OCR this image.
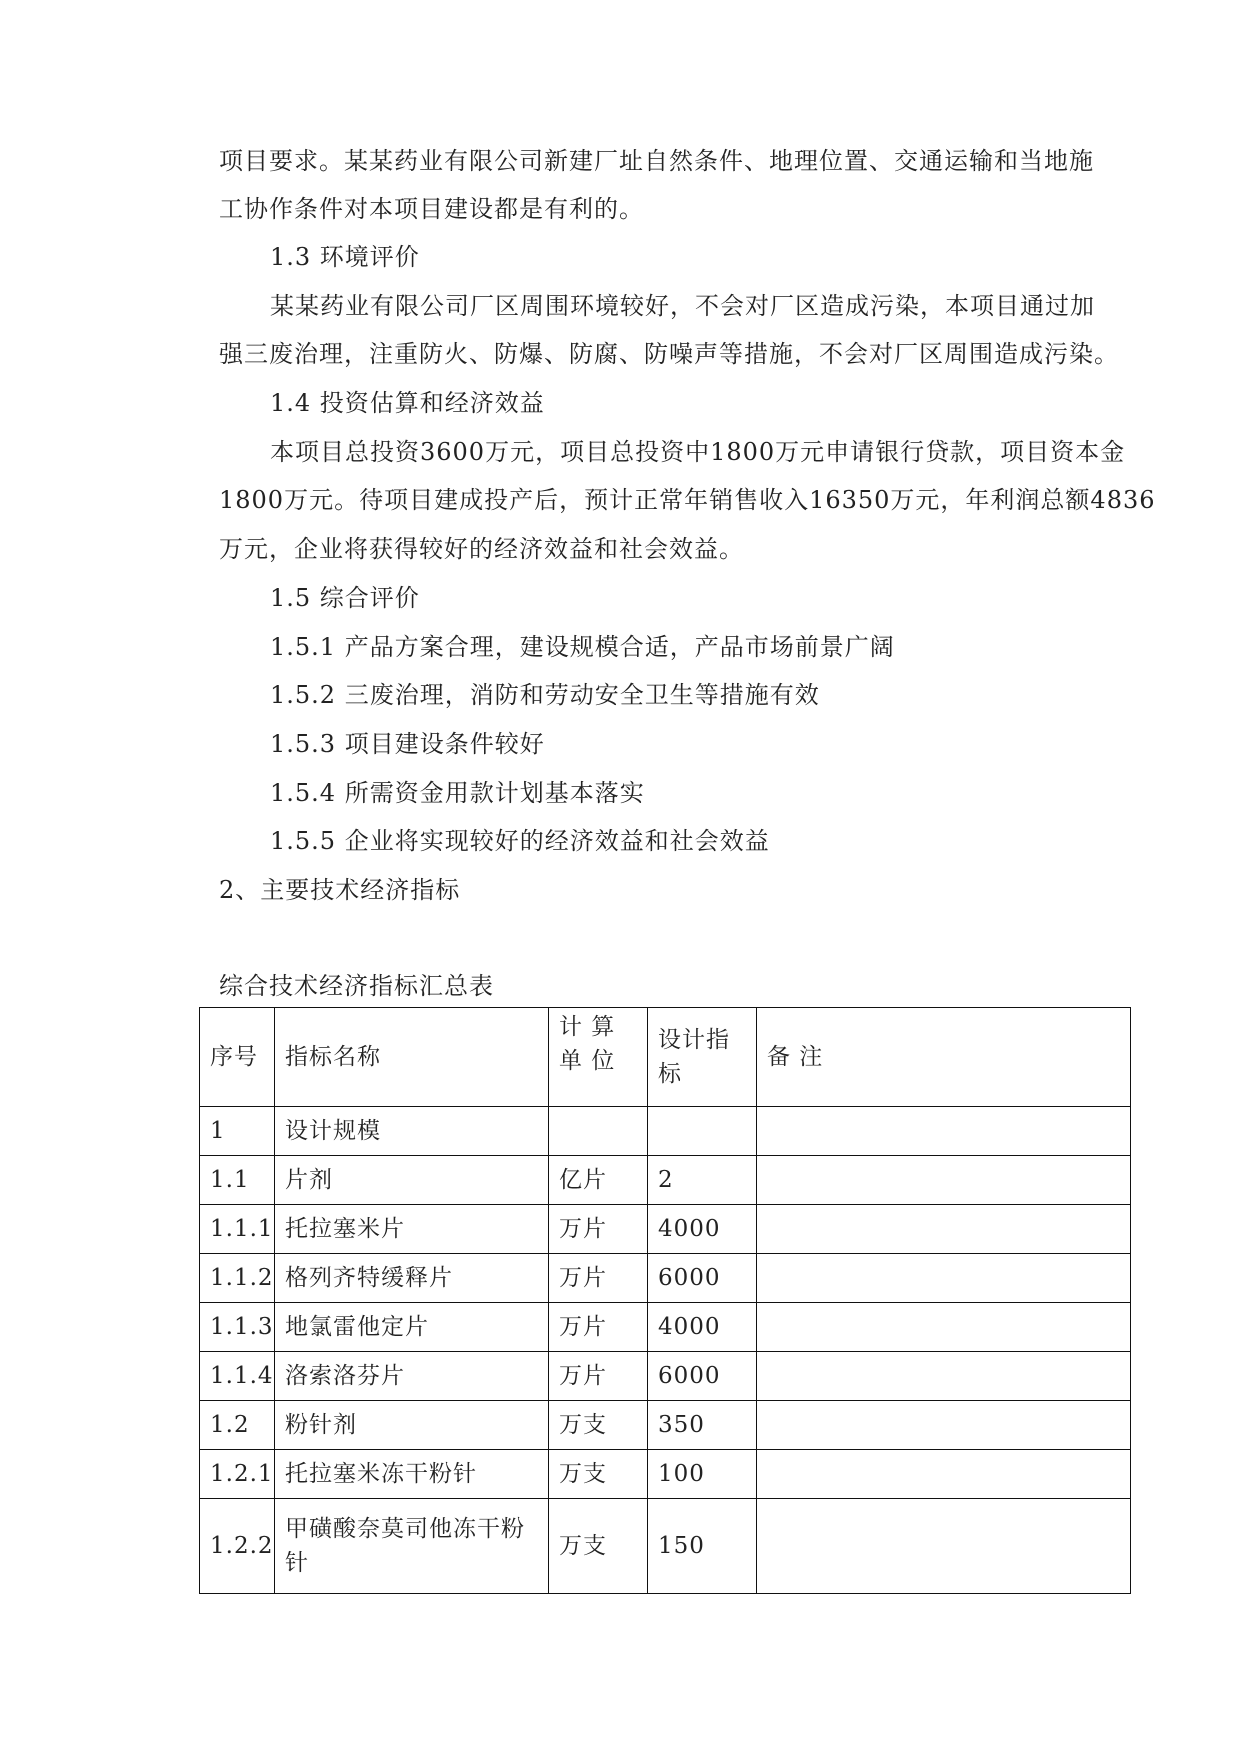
项目要求。某某药业有限公司新建厂址自然条件、地理位置、交通运输和当地施
工协作条件对本项目建设都是有利的。
1.3 环境评价
某某药业有限公司厂区周围环境较好，不会对厂区造成污染，本项目通过加
强三废治理，注重防火、防爆、防腐、防噪声等措施，不会对厂区周围造成污染。
1.4 投资估算和经济效益
本项目总投资3600万元，项目总投资中1800万元申请银行贷款，项目资本金
1800万元。待项目建成投产后，预计正常年销售收入16350万元，年利润总额4836
万元，企业将获得较好的经济效益和社会效益。
1.5 综合评价
1.5.1 产品方案合理，建设规模合适，产品市场前景广阔
1.5.2 三废治理，消防和劳动安全卫生等措施有效
1.5.3 项目建设条件较好
1.5.4 所需资金用款计划基本落实
1.5.5 企业将实现较好的经济效益和社会效益
2、主要技术经济指标
综合技术经济指标汇总表
序号	指标名称	计 算 单 位	设计指标	备 注
1	设计规模			
1.1	片剂	亿片	2	
1.1.1	托拉塞米片	万片	4000	
1.1.2	格列齐特缓释片	万片	6000	
1.1.3	地氯雷他定片	万片	4000	
1.1.4	洛索洛芬片	万片	6000	
1.2	粉针剂	万支	350	
1.2.1	托拉塞米冻干粉针	万支	100	
1.2.2	甲磺酸奈莫司他冻干粉针	万支	150	
